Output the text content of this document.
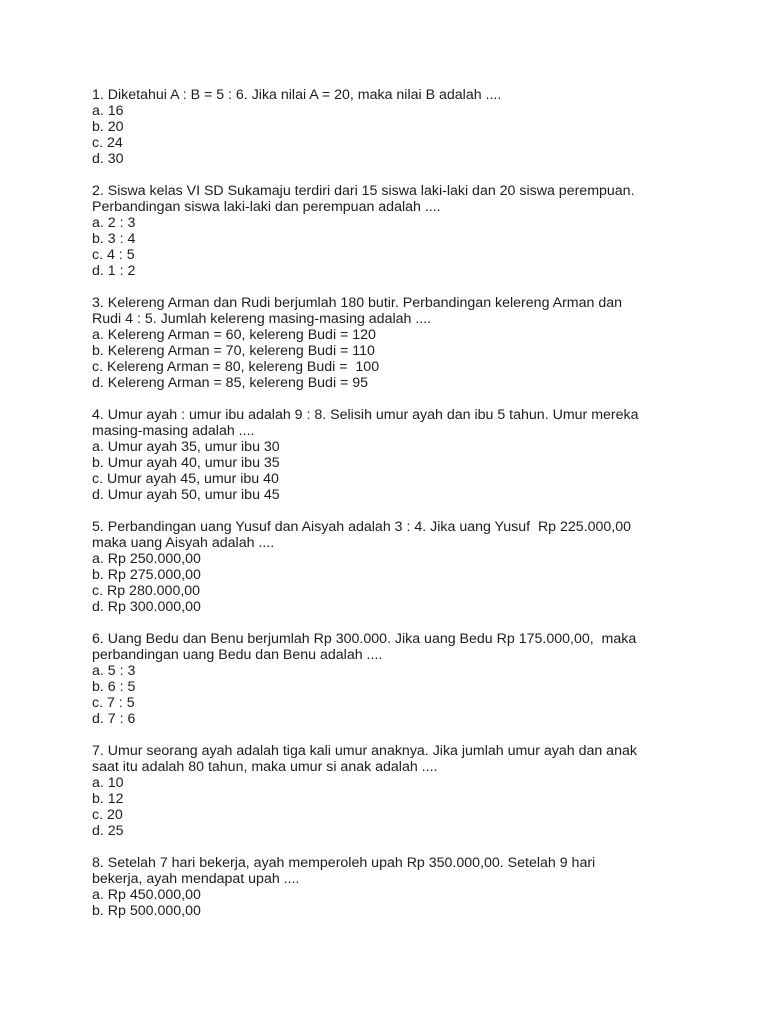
1. Diketahui A : B = 5 : 6. Jika nilai A = 20, maka nilai B adalah ....
a. 16
b. 20
c. 24
d. 30
2. Siswa kelas VI SD Sukamaju terdiri dari 15 siswa laki-laki dan 20 siswa perempuan.
Perbandingan siswa laki-laki dan perempuan adalah ....
a. 2 : 3
b. 3 : 4
c. 4 : 5
d. 1 : 2
3. Kelereng Arman dan Rudi berjumlah 180 butir. Perbandingan kelereng Arman dan
Rudi 4 : 5. Jumlah kelereng masing-masing adalah ....
a. Kelereng Arman = 60, kelereng Budi = 120
b. Kelereng Arman = 70, kelereng Budi = 110
c. Kelereng Arman = 80, kelereng Budi =  100
d. Kelereng Arman = 85, kelereng Budi = 95
4. Umur ayah : umur ibu adalah 9 : 8. Selisih umur ayah dan ibu 5 tahun. Umur mereka
masing-masing adalah ....
a. Umur ayah 35, umur ibu 30
b. Umur ayah 40, umur ibu 35
c. Umur ayah 45, umur ibu 40
d. Umur ayah 50, umur ibu 45
5. Perbandingan uang Yusuf dan Aisyah adalah 3 : 4. Jika uang Yusuf  Rp 225.000,00
maka uang Aisyah adalah ....
a. Rp 250.000,00
b. Rp 275.000,00
c. Rp 280.000,00
d. Rp 300.000,00
6. Uang Bedu dan Benu berjumlah Rp 300.000. Jika uang Bedu Rp 175.000,00,  maka
perbandingan uang Bedu dan Benu adalah ....
a. 5 : 3
b. 6 : 5
c. 7 : 5
d. 7 : 6
7. Umur seorang ayah adalah tiga kali umur anaknya. Jika jumlah umur ayah dan anak
saat itu adalah 80 tahun, maka umur si anak adalah ....
a. 10
b. 12
c. 20
d. 25
8. Setelah 7 hari bekerja, ayah memperoleh upah Rp 350.000,00. Setelah 9 hari
bekerja, ayah mendapat upah ....
a. Rp 450.000,00
b. Rp 500.000,00
